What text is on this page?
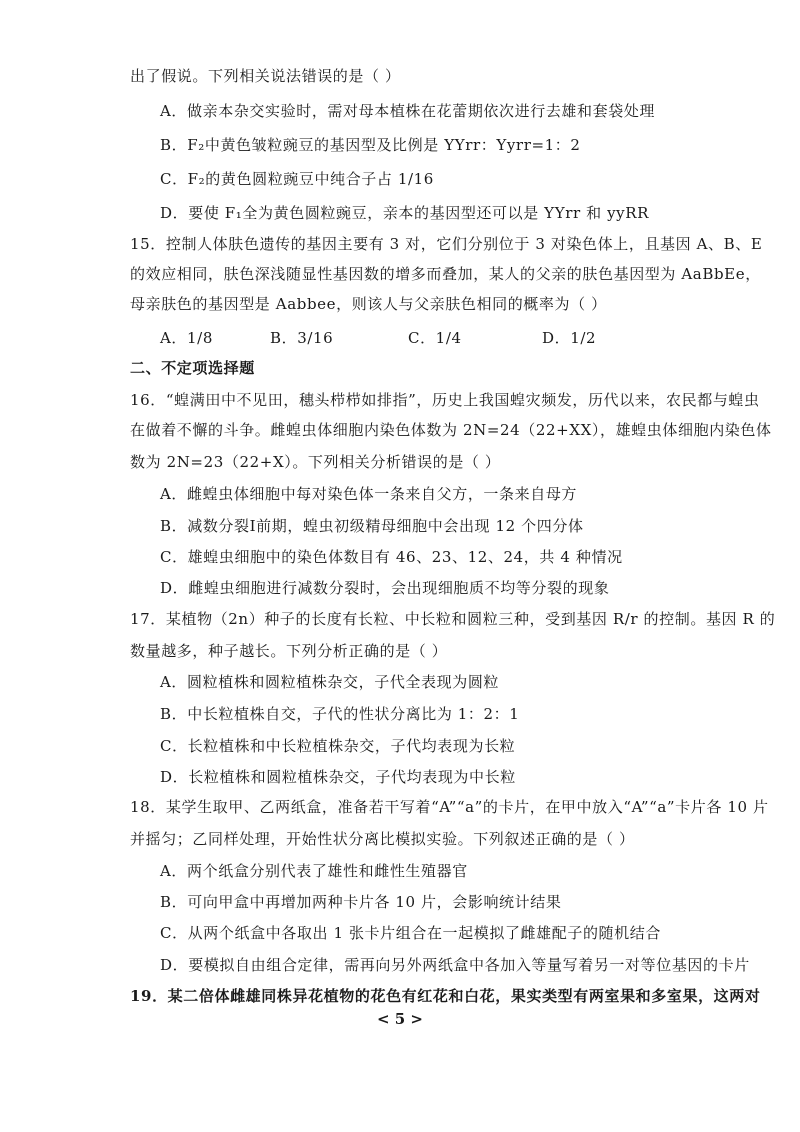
出了假说。下列相关说法错误的是（ ）
A．做亲本杂交实验时，需对母本植株在花蕾期依次进行去雄和套袋处理
B．F₂中黄色皱粒豌豆的基因型及比例是 YYrr：Yyrr=1：2
C．F₂的黄色圆粒豌豆中纯合子占 1/16
D．要使 F₁全为黄色圆粒豌豆，亲本的基因型还可以是 YYrr 和 yyRR
15．控制人体肤色遗传的基因主要有 3 对，它们分别位于 3 对染色体上，且基因 A、B、E
的效应相同，肤色深浅随显性基因数的增多而叠加，某人的父亲的肤色基因型为 AaBbEe，
母亲肤色的基因型是 Aabbee，则该人与父亲肤色相同的概率为（ ）
A．1/8	B．3/16	C．1/4	D．1/2
二、不定项选择题
16．“蝗满田中不见田，穗头栉栉如排指”，历史上我国蝗灾频发，历代以来，农民都与蝗虫
在做着不懈的斗争。雌蝗虫体细胞内染色体数为 2N=24（22+XX），雄蝗虫体细胞内染色体
数为 2N=23（22+X）。下列相关分析错误的是（ ）
A．雌蝗虫体细胞中每对染色体一条来自父方，一条来自母方
B．减数分裂Ⅰ前期，蝗虫初级精母细胞中会出现 12 个四分体
C．雄蝗虫细胞中的染色体数目有 46、23、12、24，共 4 种情况
D．雌蝗虫细胞进行减数分裂时，会出现细胞质不均等分裂的现象
17．某植物（2n）种子的长度有长粒、中长粒和圆粒三种，受到基因 R/r 的控制。基因 R 的
数量越多，种子越长。下列分析正确的是（ ）
A．圆粒植株和圆粒植株杂交，子代全表现为圆粒
B．中长粒植株自交，子代的性状分离比为 1：2：1
C．长粒植株和中长粒植株杂交，子代均表现为长粒
D．长粒植株和圆粒植株杂交，子代均表现为中长粒
18．某学生取甲、乙两纸盒，准备若干写着“A”“a”的卡片，在甲中放入“A”“a”卡片各 10 片
并摇匀；乙同样处理，开始性状分离比模拟实验。下列叙述正确的是（ ）
A．两个纸盒分别代表了雄性和雌性生殖器官
B．可向甲盒中再增加两种卡片各 10 片，会影响统计结果
C．从两个纸盒中各取出 1 张卡片组合在一起模拟了雌雄配子的随机结合
D．要模拟自由组合定律，需再向另外两纸盒中各加入等量写着另一对等位基因的卡片
19．某二倍体雌雄同株异花植物的花色有红花和白花，果实类型有两室果和多室果，这两对
< 5 >
